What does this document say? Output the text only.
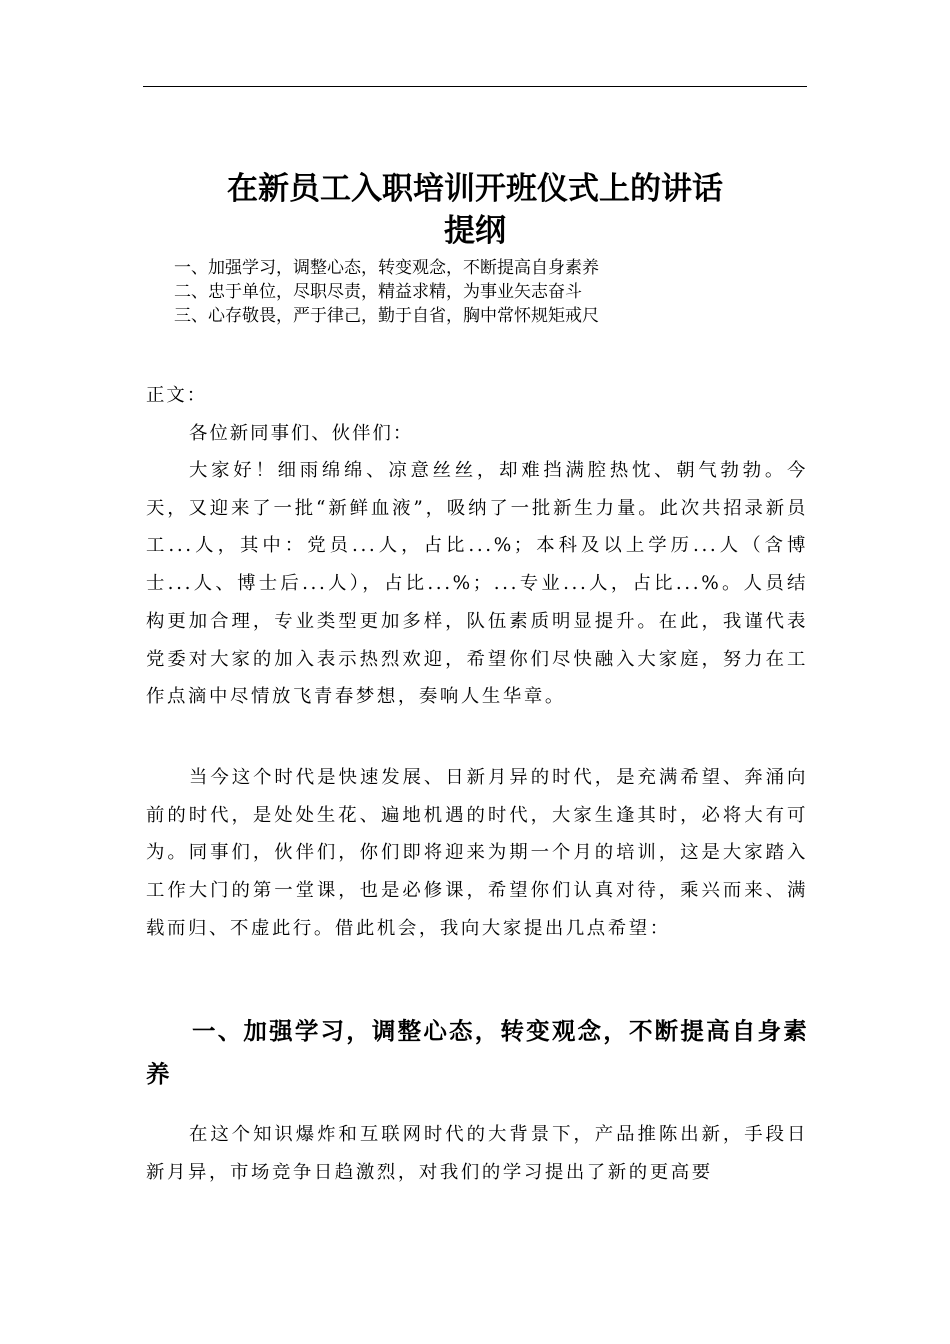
在新员工入职培训开班仪式上的讲话
提纲
一、加强学习，调整心态，转变观念，不断提高自身素养
二、忠于单位，尽职尽责，精益求精，为事业矢志奋斗
三、心存敬畏，严于律己，勤于自省，胸中常怀规矩戒尺
正文：
各位新同事们、伙伴们：

大家好！细雨绵绵、凉意丝丝，却难挡满腔热忱、朝气勃勃。今天，又迎来了一批“新鲜血液”，吸纳了一批新生力量。此次共招录新员工...人，其中：党员...人，占比...%；本科及以上学历...人（含博士...人、博士后...人），占比...%；...专业...人，占比...%。人员结构更加合理，专业类型更加多样，队伍素质明显提升。在此，我谨代表党委对大家的加入表示热烈欢迎，希望你们尽快融入大家庭，努力在工作点滴中尽情放飞青春梦想，奏响人生华章。

当今这个时代是快速发展、日新月异的时代，是充满希望、奔涌向前的时代，是处处生花、遍地机遇的时代，大家生逢其时，必将大有可为。同事们，伙伴们，你们即将迎来为期一个月的培训，这是大家踏入工作大门的第一堂课，也是必修课，希望你们认真对待，乘兴而来、满载而归、不虚此行。借此机会，我向大家提出几点希望：

一、加强学习，调整心态，转变观念，不断提高自身素养

在这个知识爆炸和互联网时代的大背景下，产品推陈出新，手段日新月异，市场竞争日趋激烈，对我们的学习提出了新的更高要
